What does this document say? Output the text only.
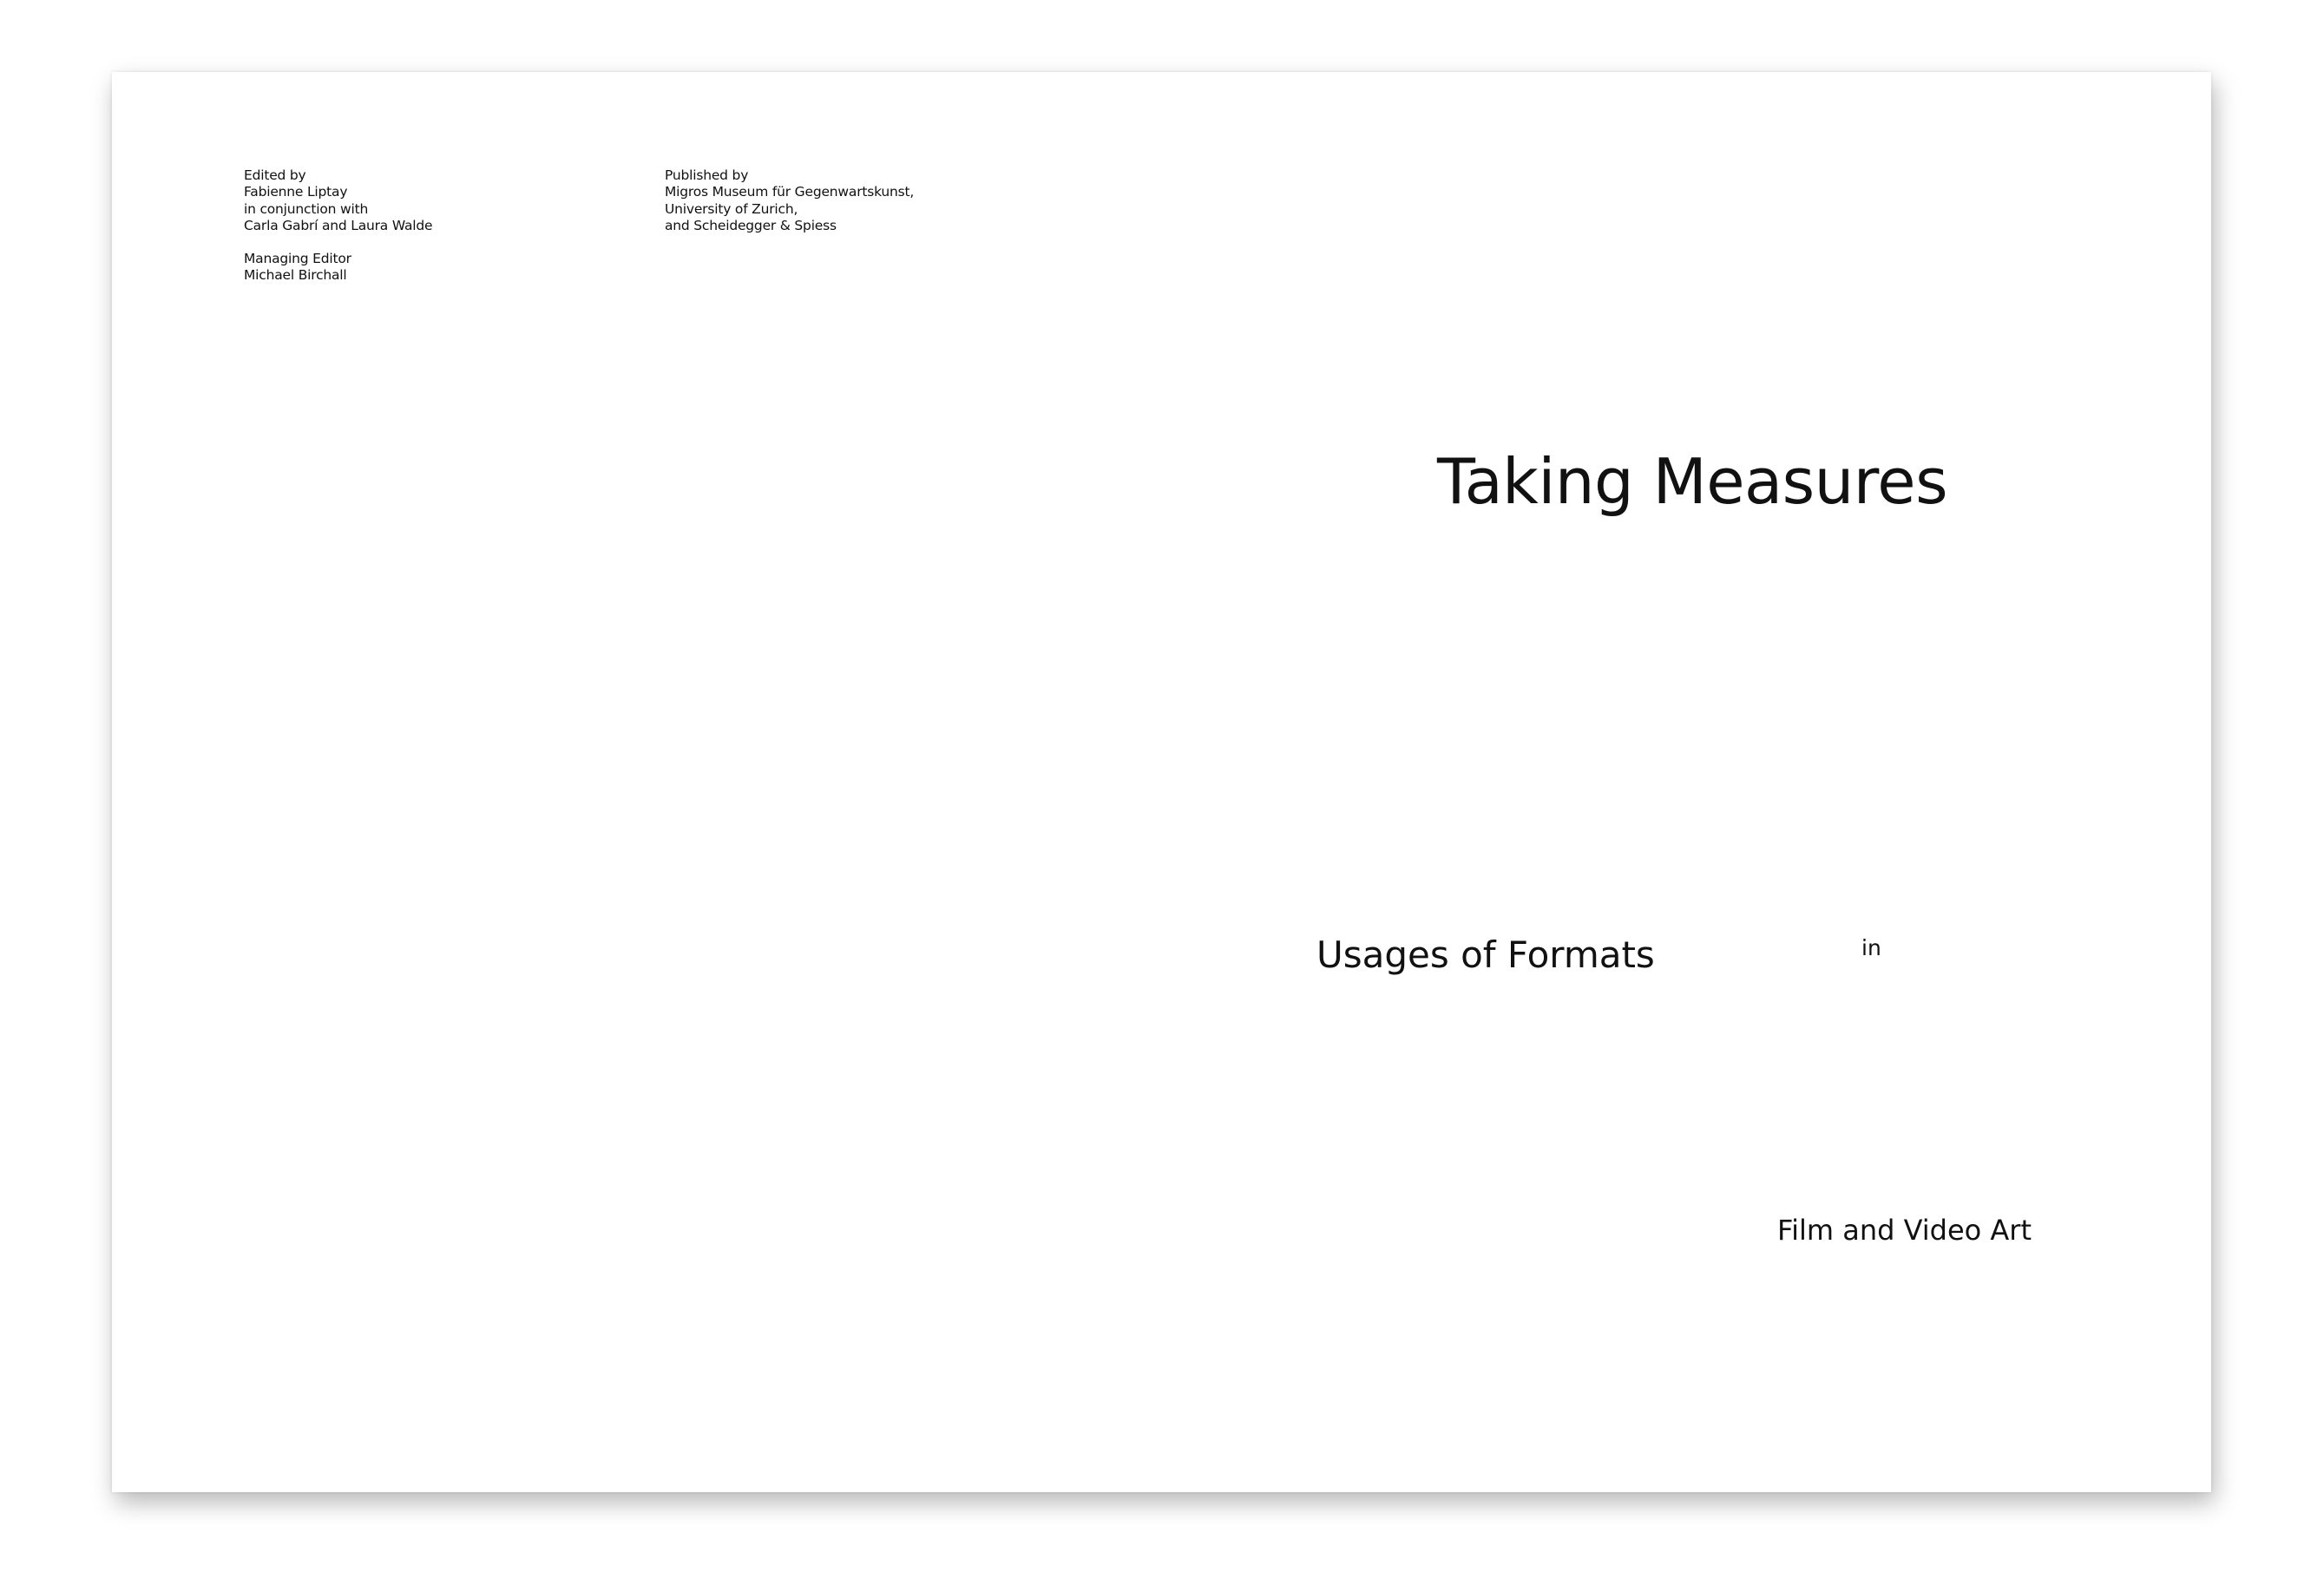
Edited by
Fabienne Liptay
in conjunction with
Carla Gabrí and Laura Walde
Managing Editor
Michael Birchall
Published by
Migros Museum für Gegenwartskunst,
University of Zurich,
and Scheidegger & Spiess
Taking Measures
Usages of Formats	in
Film and Video Art
